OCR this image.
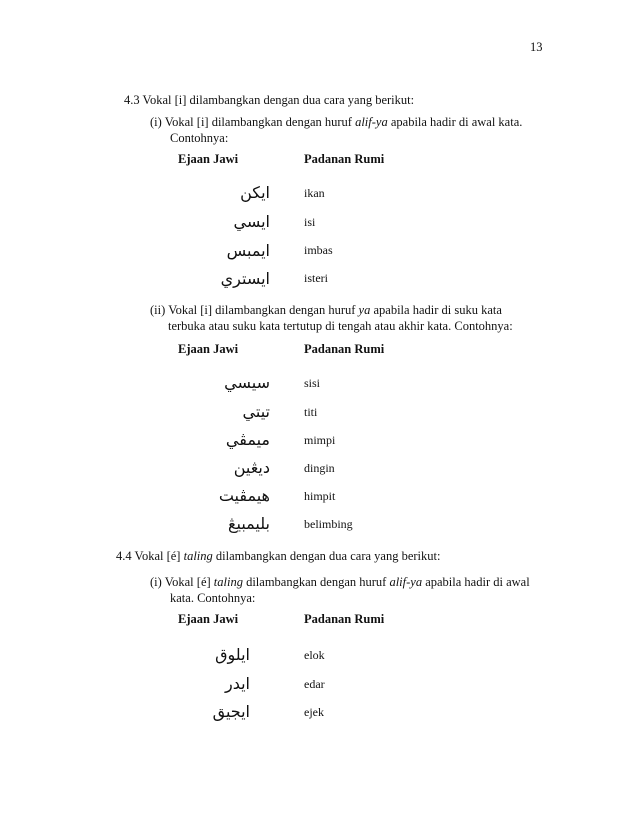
13
4.3 Vokal [i] dilambangkan dengan dua cara yang berikut:
(i) Vokal [i] dilambangkan dengan huruf alif-ya apabila hadir di awal kata.
Contohnya:
Ejaan Jawi	Padanan Rumi
ايکن	ikan
ايسي	isi
ايمبس	imbas
ايستري	isteri
(ii) Vokal [i] dilambangkan dengan huruf ya apabila hadir di suku kata
terbuka atau suku kata tertutup di tengah atau akhir kata. Contohnya:
Ejaan Jawi	Padanan Rumi
سيسي	sisi
تيتي	titi
ميمڤي	mimpi
ديڠين	dingin
هيمڤيت	himpit
بليمبيڠ	belimbing
4.4 Vokal [é] taling dilambangkan dengan dua cara yang berikut:
(i) Vokal [é] taling dilambangkan dengan huruf alif-ya apabila hadir di awal
kata. Contohnya:
Ejaan Jawi	Padanan Rumi
ايلوق	elok
ايدر	edar
ايجيق	ejek
